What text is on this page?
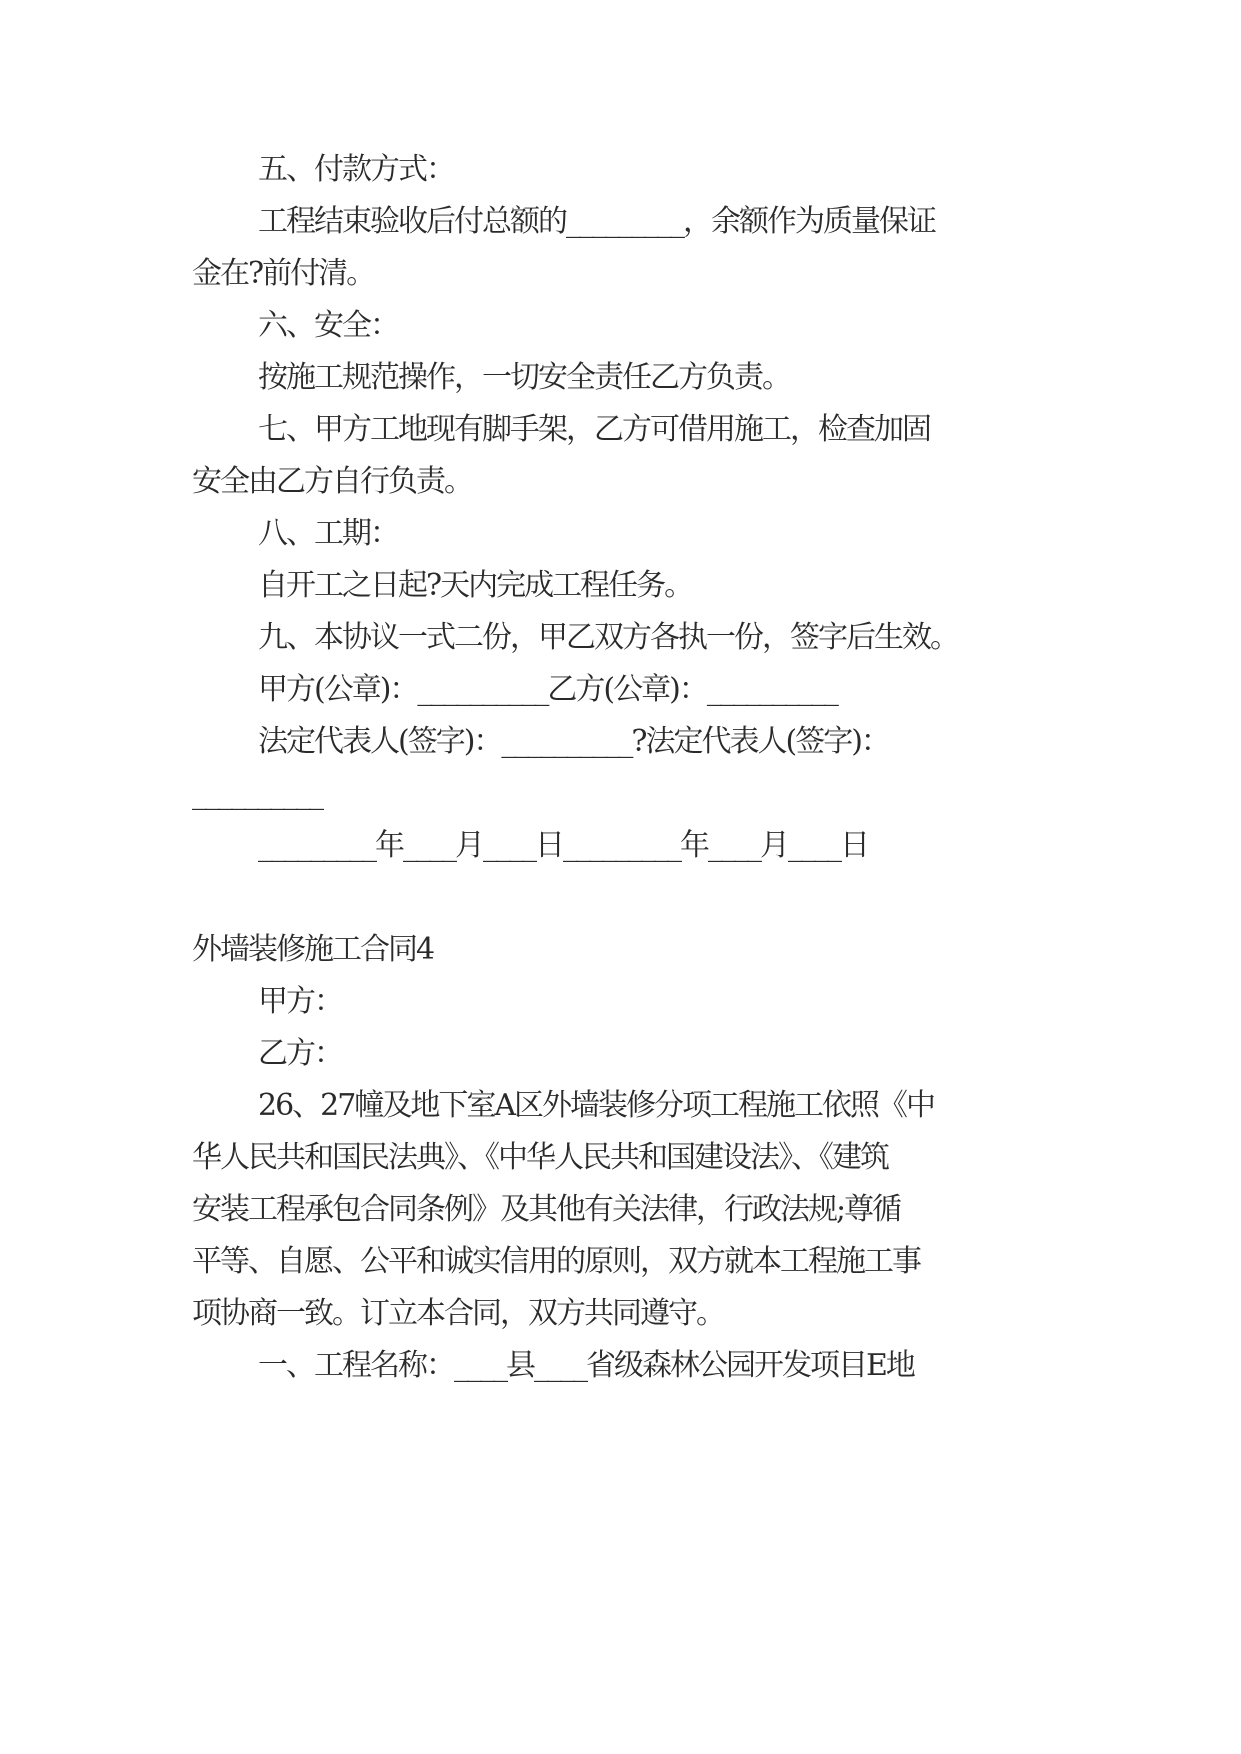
五、付款方式：
工程结束验收后付总额的_________，余额作为质量保证
金在?前付清。
六、安全：
按施工规范操作，一切安全责任乙方负责。
七、甲方工地现有脚手架，乙方可借用施工，检查加固
安全由乙方自行负责。
八、工期：
自开工之日起?天内完成工程任务。
九、本协议一式二份，甲乙双方各执一份，签字后生效。
甲方(公章)：__________乙方(公章)：__________
法定代表人(签字)：__________?法定代表人(签字)：
__________
_________年____月____日_________年____月____日
外墙装修施工合同4
甲方：
乙方：
26、27幢及地下室A区外墙装修分项工程施工依照《中
华人民共和国民法典》、《中华人民共和国建设法》、《建筑
安装工程承包合同条例》及其他有关法律，行政法规;尊循
平等、自愿、公平和诚实信用的原则，双方就本工程施工事
项协商一致。订立本合同，双方共同遵守。
一、工程名称：____县____省级森林公园开发项目E地
